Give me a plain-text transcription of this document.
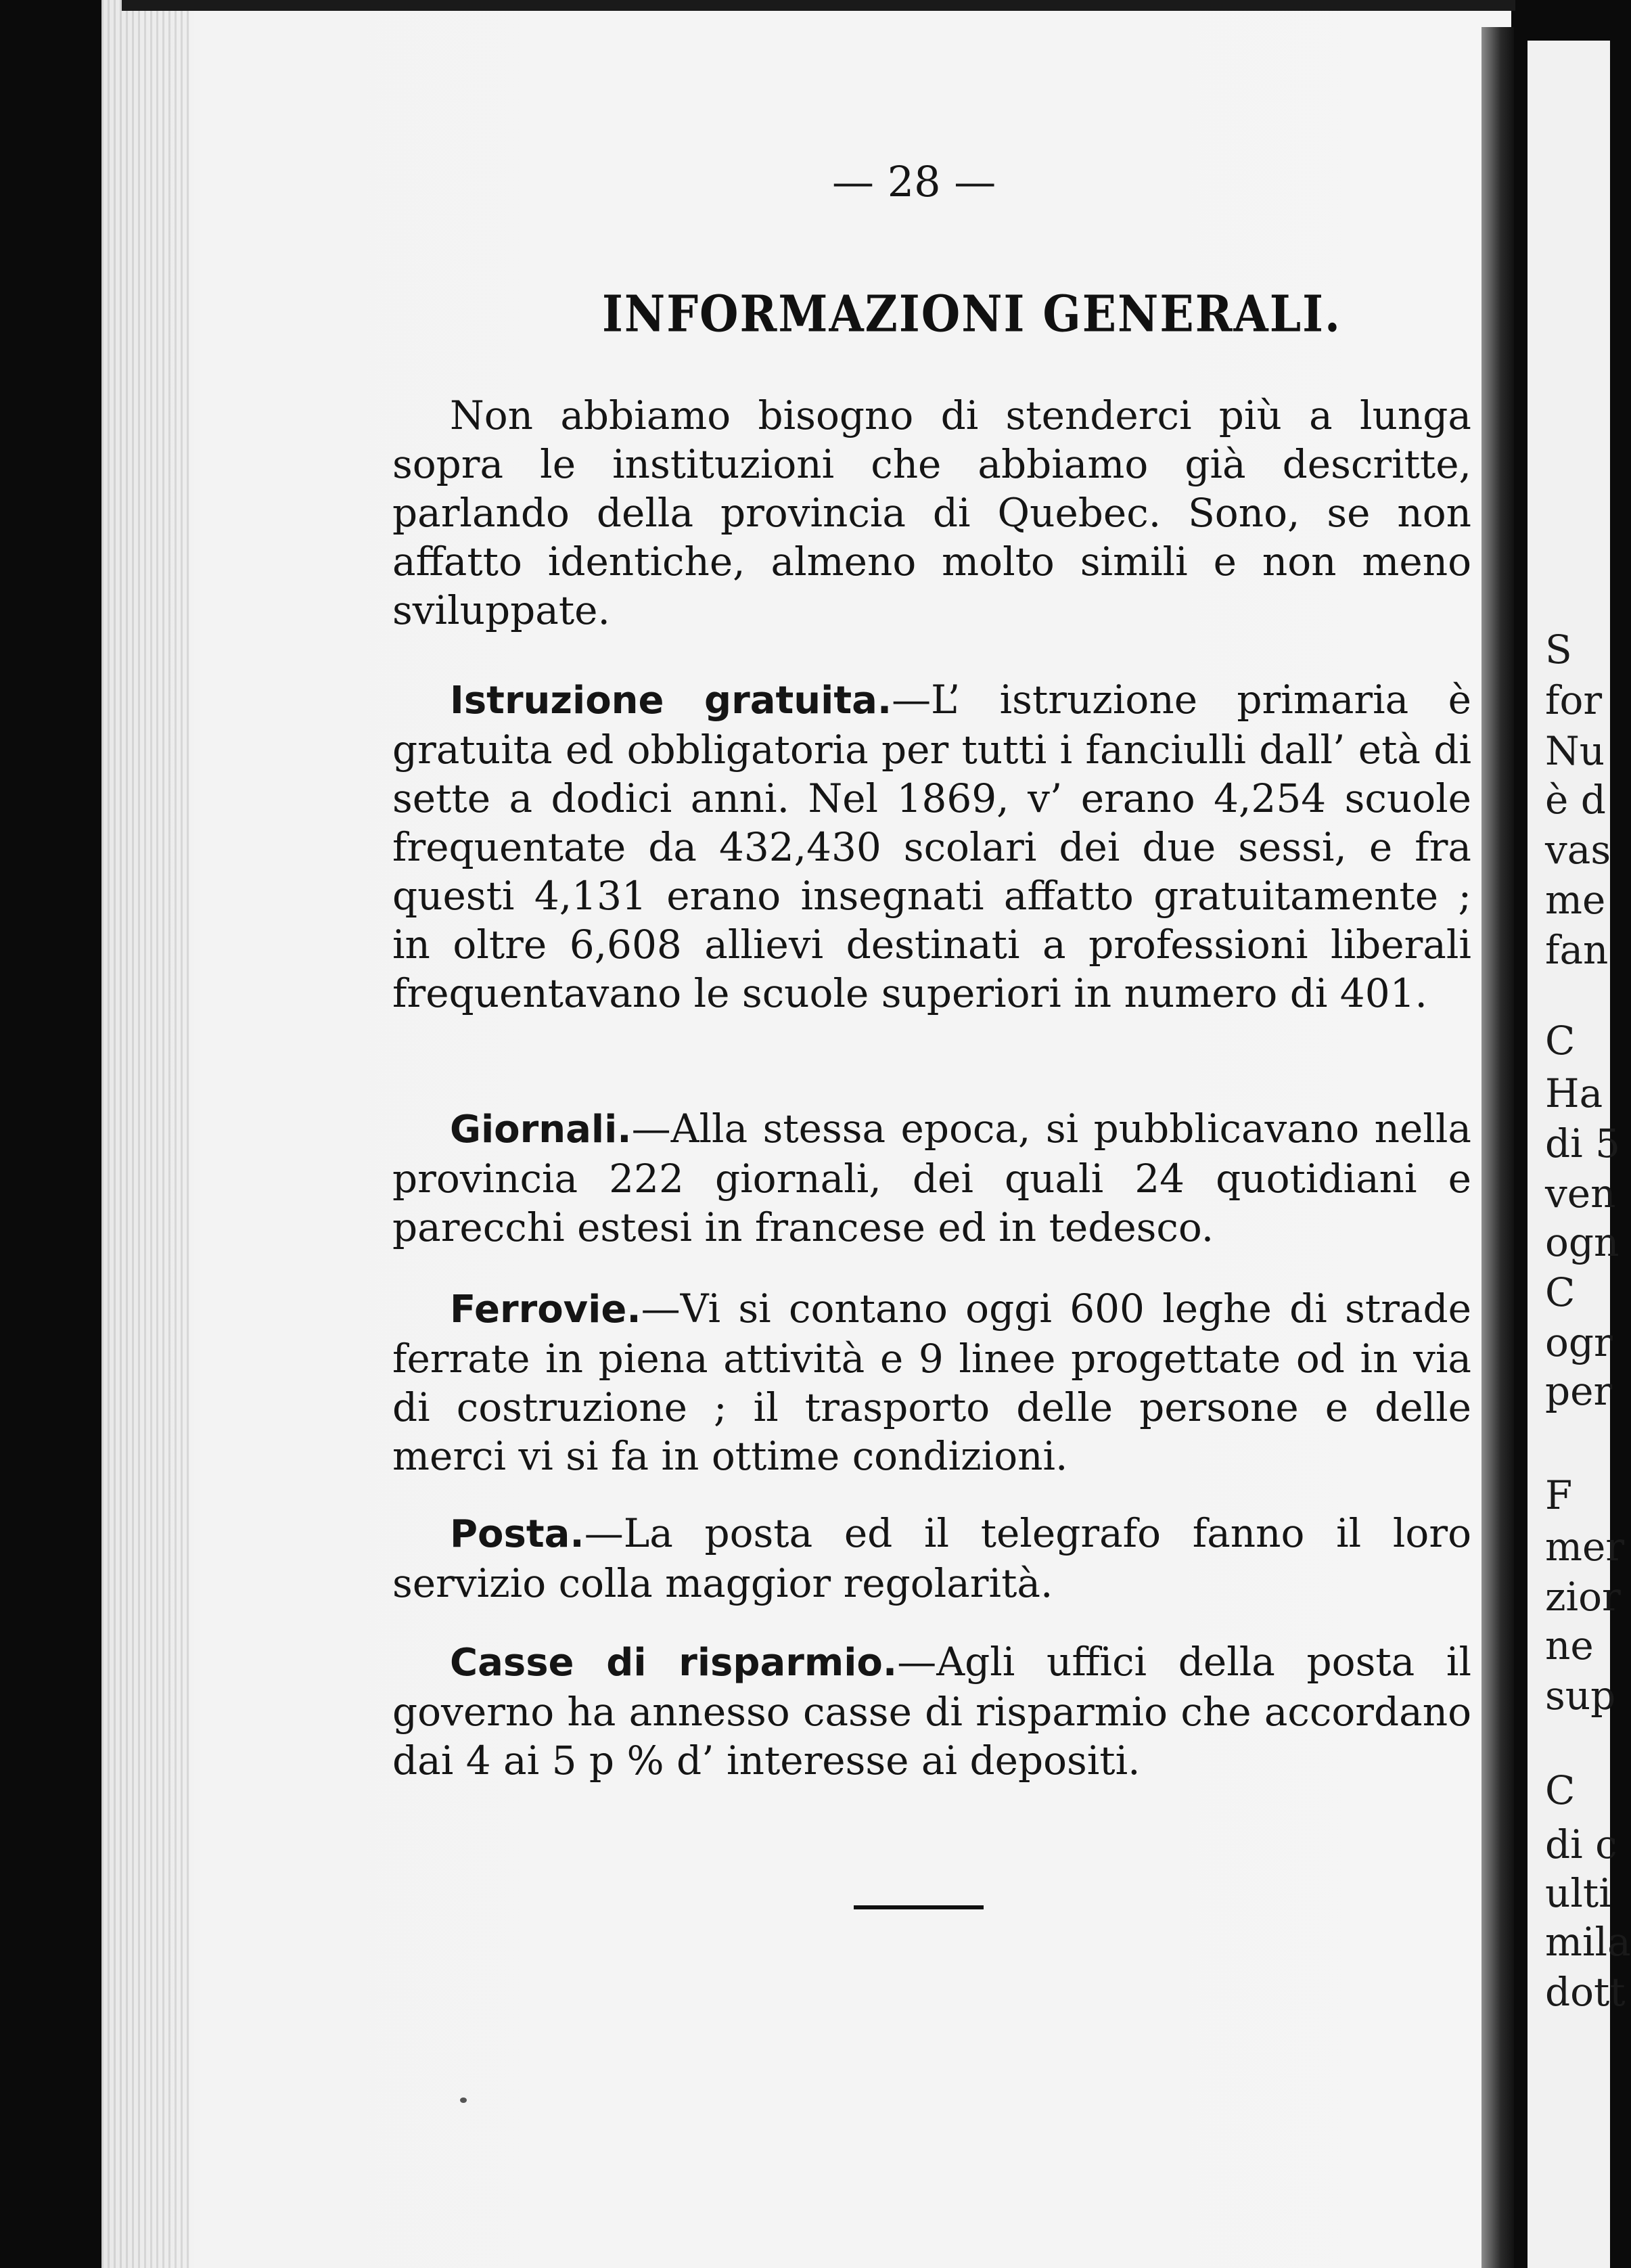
— 28 —
INFORMAZIONI GENERALI.
Non abbiamo bisogno di stenderci più a lunga sopra le instituzioni che abbiamo già descritte, parlando della provincia di Quebec. Sono, se non affatto identiche, almeno molto simili e non meno sviluppate.
Istruzione gratuita.—L’ istruzione primaria è gratuita ed obbligatoria per tutti i fanciulli dall’ età di sette a dodici anni. Nel 1869, v’ erano 4,254 scuole frequentate da 432,430 scolari dei due sessi, e fra questi 4,131 erano insegnati affatto gratuitamente ; in oltre 6,608 allievi destinati a professioni liberali frequentavano le scuole superiori in numero di 401.
Giornali.—Alla stessa epoca, si pubblicavano nella provincia 222 giornali, dei quali 24 quotidiani e parecchi estesi in francese ed in tedesco.
Ferrovie.—Vi si contano oggi 600 leghe di strade ferrate in piena attività e 9 linee progettate od in via di costruzione ; il trasporto delle persone e delle merci vi si fa in ottime condizioni.
Posta.—La posta ed il telegrafo fanno il loro servizio colla maggior regolarità.
Casse di risparmio.—Agli uffici della posta il governo ha annesso casse di risparmio che accordano dai 4 ai 5 p % d’ interesse ai depositi.
S
for
Nu
è d
vas
me
fan
C
Ha
di 5
ven
ogn
C
ogr
per
F
mer
zior
ne
sup
C
di c
ulti
mila
dott
